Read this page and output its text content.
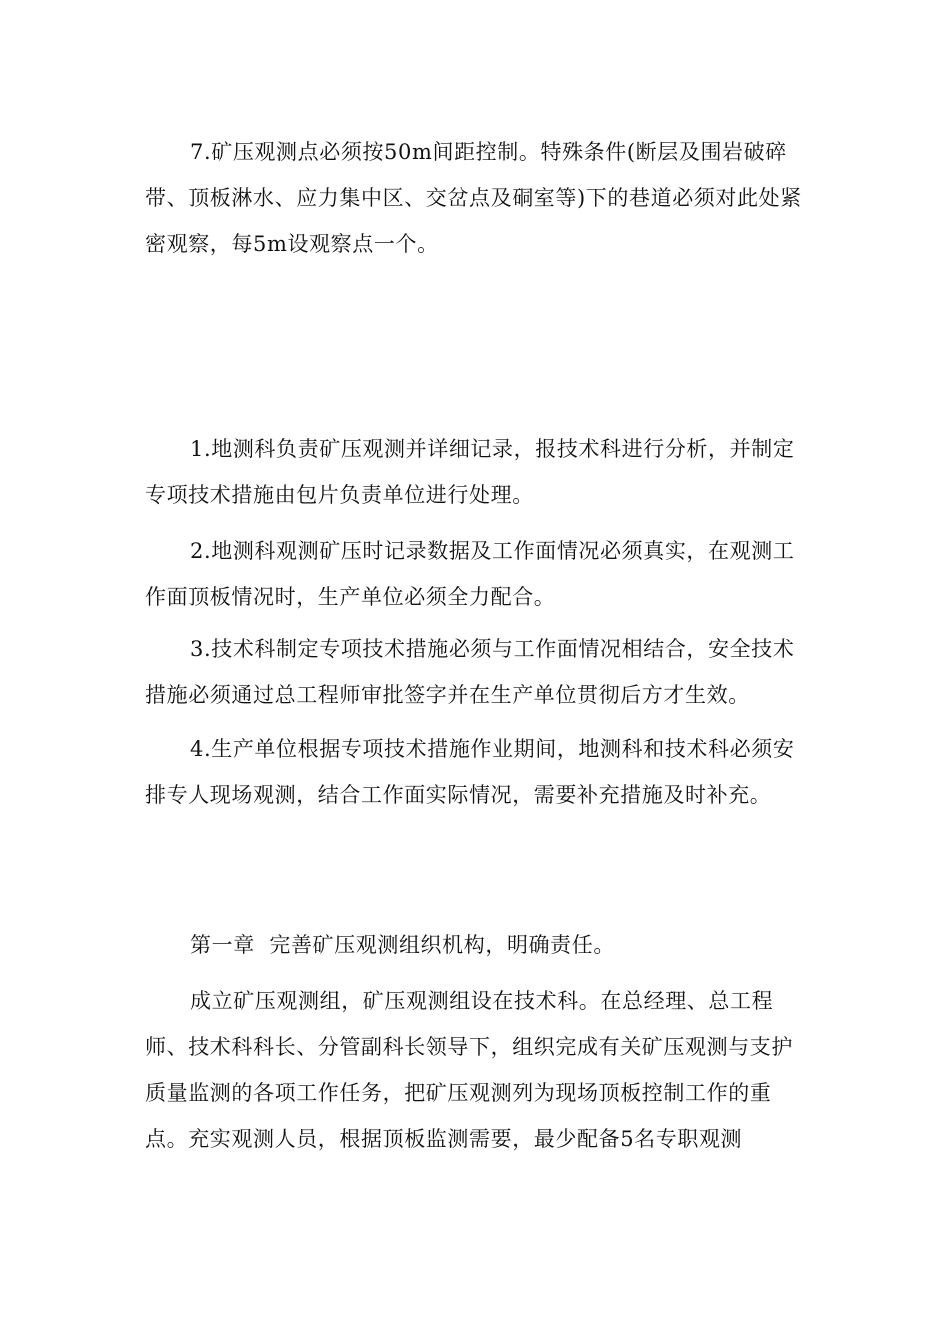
7.矿压观测点必须按50m间距控制。特殊条件(断层及围岩破碎带、顶板淋水、应力集中区、交岔点及硐室等)下的巷道必须对此处紧密观察，每5m设观察点一个。

1.地测科负责矿压观测并详细记录，报技术科进行分析，并制定专项技术措施由包片负责单位进行处理。

2.地测科观测矿压时记录数据及工作面情况必须真实，在观测工作面顶板情况时，生产单位必须全力配合。

3.技术科制定专项技术措施必须与工作面情况相结合，安全技术措施必须通过总工程师审批签字并在生产单位贯彻后方才生效。

4.生产单位根据专项技术措施作业期间，地测科和技术科必须安排专人现场观测，结合工作面实际情况，需要补充措施及时补充。

第一章  完善矿压观测组织机构，明确责任。

成立矿压观测组，矿压观测组设在技术科。在总经理、总工程师、技术科科长、分管副科长领导下，组织完成有关矿压观测与支护质量监测的各项工作任务，把矿压观测列为现场顶板控制工作的重点。充实观测人员，根据顶板监测需要，最少配备5名专职观测
